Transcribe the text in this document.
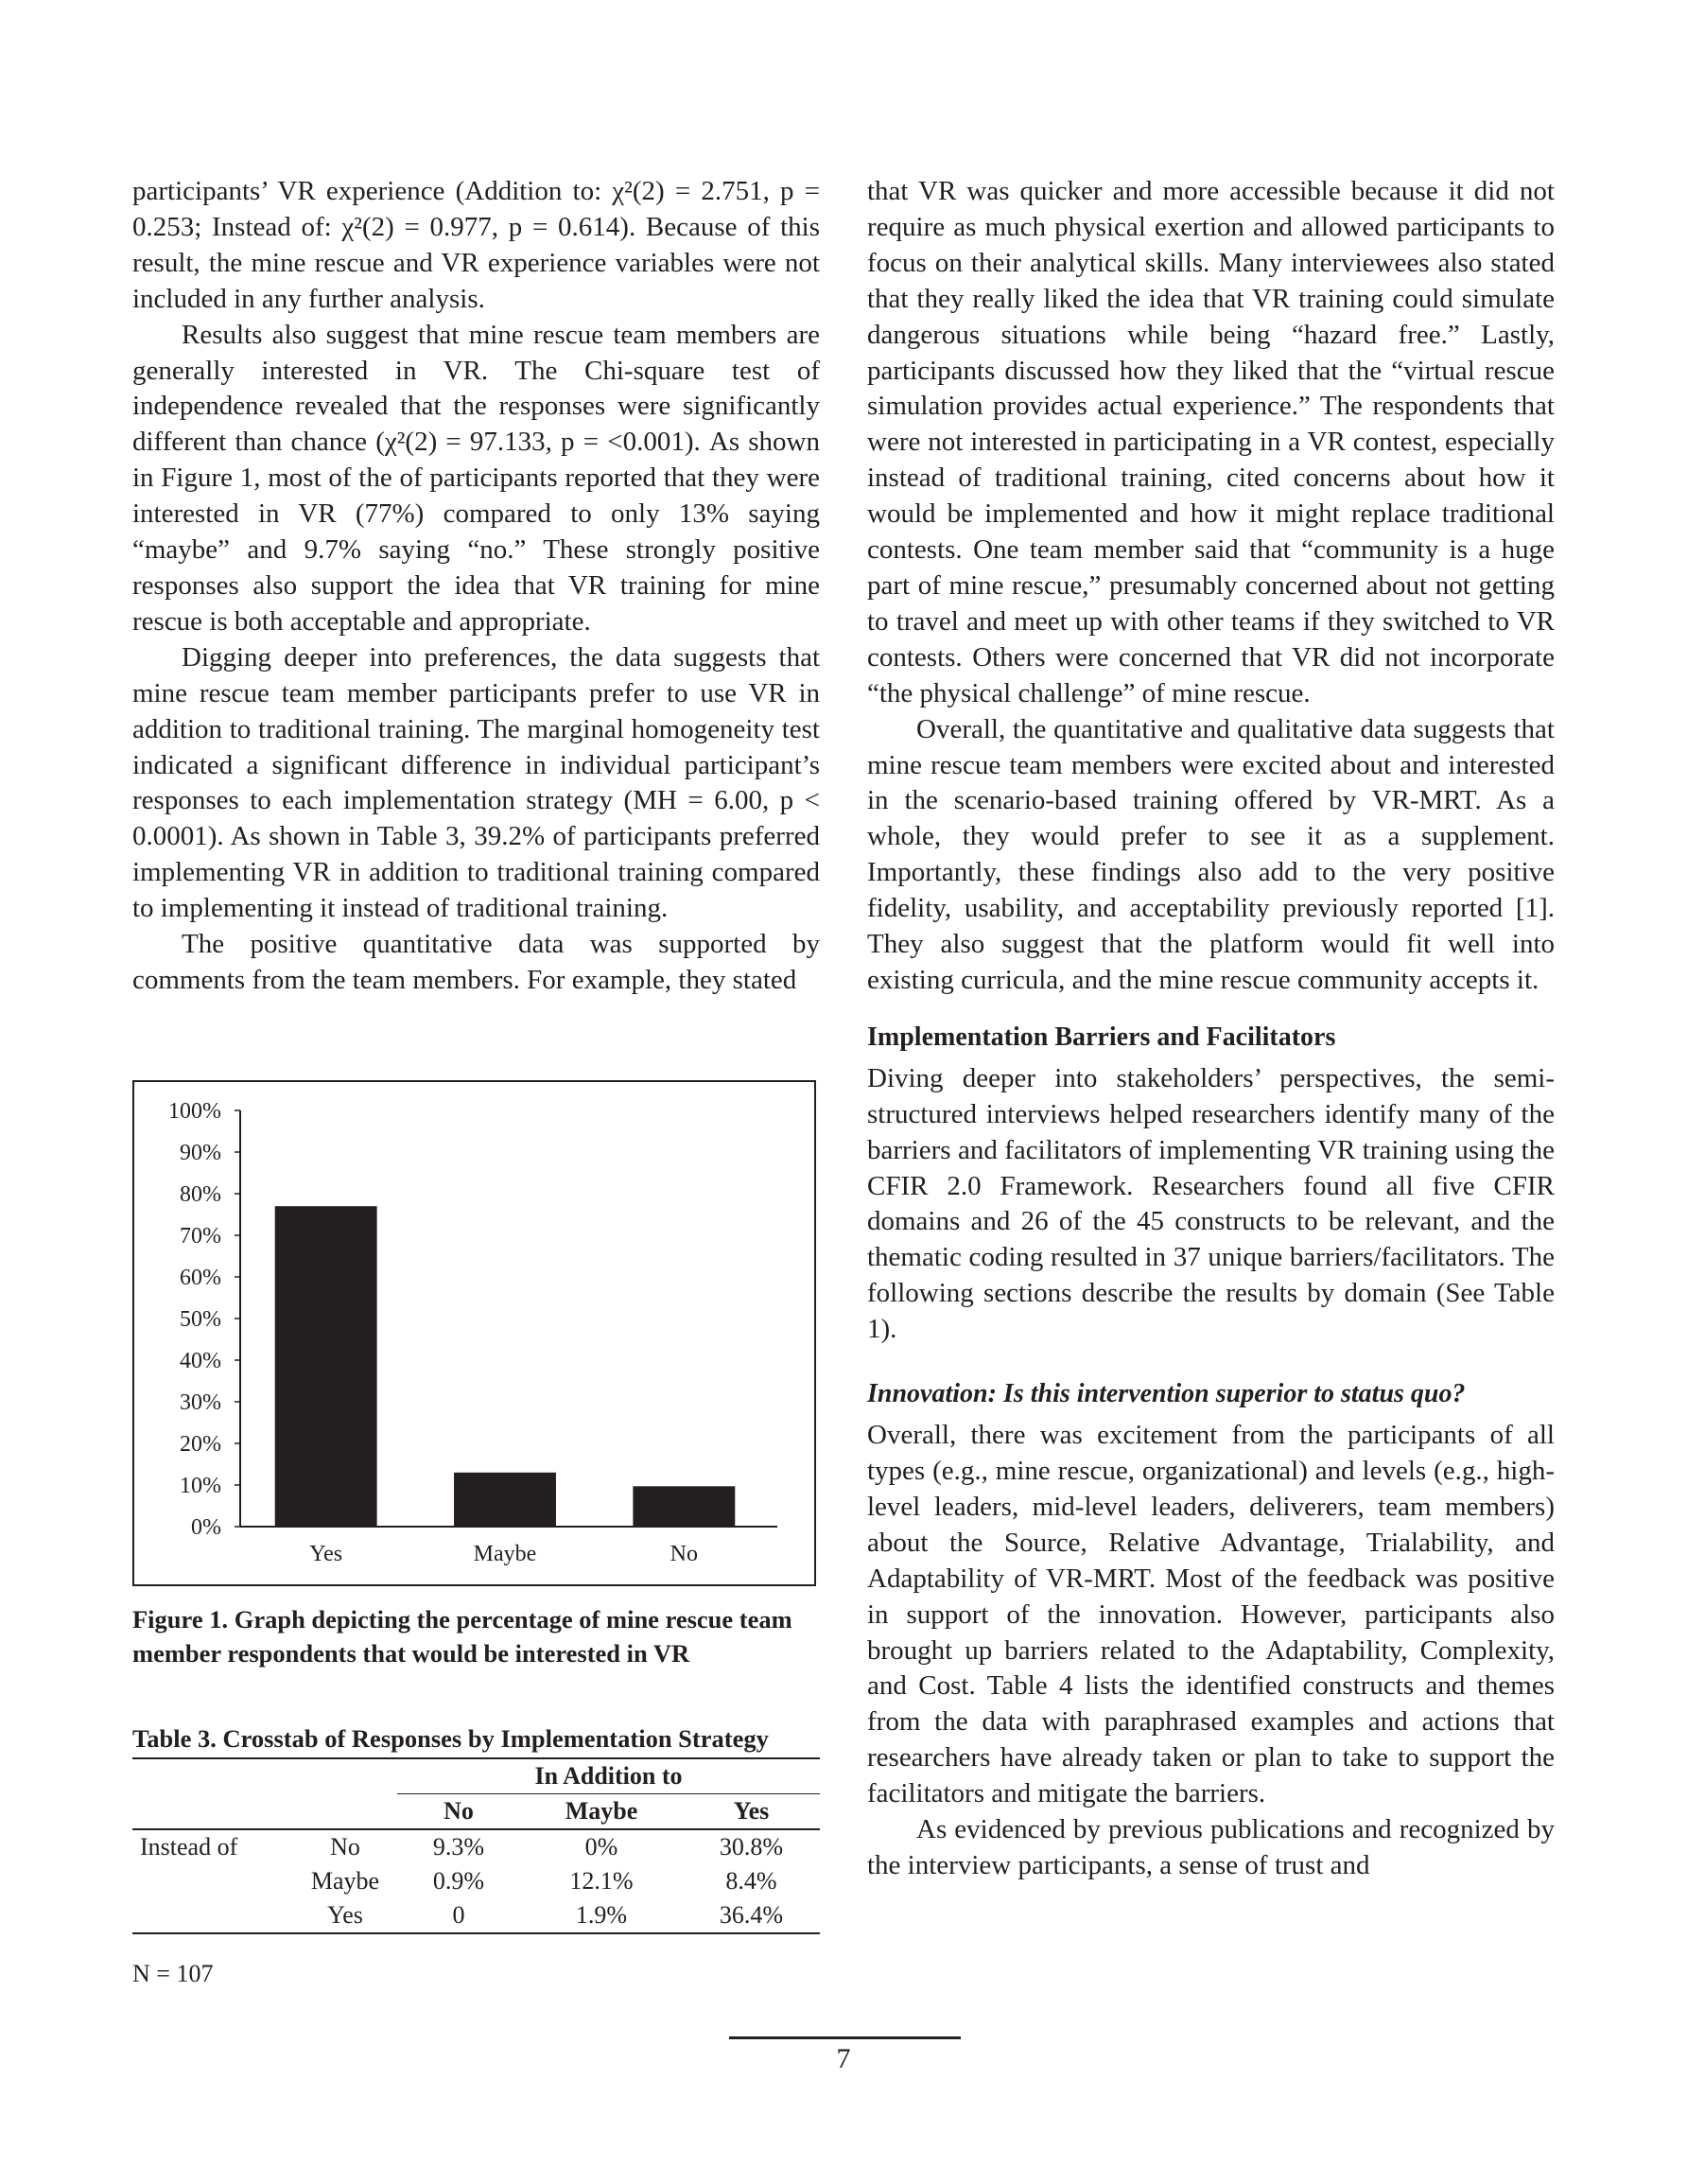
participants’ VR experience (Addition to: χ²(2) = 2.751, p = 0.253; Instead of: χ²(2) = 0.977, p = 0.614). Because of this result, the mine rescue and VR experience variables were not included in any further analysis.

Results also suggest that mine rescue team members are generally interested in VR. The Chi-square test of independence revealed that the responses were significantly different than chance (χ²(2) = 97.133, p = <0.001). As shown in Figure 1, most of the of participants reported that they were interested in VR (77%) compared to only 13% saying “maybe” and 9.7% saying “no.” These strongly positive responses also support the idea that VR training for mine rescue is both acceptable and appropriate.

Digging deeper into preferences, the data suggests that mine rescue team member participants prefer to use VR in addition to traditional training. The marginal homogeneity test indicated a significant difference in individual participant’s responses to each implementation strategy (MH = 6.00, p < 0.0001). As shown in Table 3, 39.2% of participants preferred implementing VR in addition to traditional training compared to implementing it instead of traditional training.

The positive quantitative data was supported by comments from the team members. For example, they stated

0%
10%
20%
30%
40%
50%
60%
70%
80%
90%
100%
Yes	Maybe	No
Figure 1. Graph depicting the percentage of mine rescue team member respondents that would be interested in VR
Table 3. Crosstab of Responses by Implementation Strategy
		In Addition to		
		No	Maybe	Yes
Instead of	No	9.3%	0%	30.8%
	Maybe	0.9%	12.1%	8.4%
	Yes	0	1.9%	36.4%
N = 107

that VR was quicker and more accessible because it did not require as much physical exertion and allowed participants to focus on their analytical skills. Many interviewees also stated that they really liked the idea that VR training could simulate dangerous situations while being “hazard free.” Lastly, participants discussed how they liked that the “virtual rescue simulation provides actual experience.” The respondents that were not interested in participating in a VR contest, especially instead of traditional training, cited concerns about how it would be implemented and how it might replace traditional contests. One team member said that “community is a huge part of mine rescue,” presumably concerned about not getting to travel and meet up with other teams if they switched to VR contests. Others were concerned that VR did not incorporate “the physical challenge” of mine rescue.

Overall, the quantitative and qualitative data suggests that mine rescue team members were excited about and interested in the scenario-based training offered by VR-MRT. As a whole, they would prefer to see it as a supplement. Importantly, these findings also add to the very positive fidelity, usability, and acceptability previously reported [1]. They also suggest that the platform would fit well into existing curricula, and the mine rescue community accepts it.

Implementation Barriers and Facilitators

Diving deeper into stakeholders’ perspectives, the semi-structured interviews helped researchers identify many of the barriers and facilitators of implementing VR training using the CFIR 2.0 Framework. Researchers found all five CFIR domains and 26 of the 45 constructs to be relevant, and the thematic coding resulted in 37 unique barriers/facilitators. The following sections describe the results by domain (See Table 1).

Innovation: Is this intervention superior to status quo?

Overall, there was excitement from the participants of all types (e.g., mine rescue, organizational) and levels (e.g., high-level leaders, mid-level leaders, deliverers, team members) about the Source, Relative Advantage, Trialability, and Adaptability of VR-MRT. Most of the feedback was positive in support of the innovation. However, participants also brought up barriers related to the Adaptability, Complexity, and Cost. Table 4 lists the identified constructs and themes from the data with paraphrased examples and actions that researchers have already taken or plan to take to support the facilitators and mitigate the barriers.

As evidenced by previous publications and recognized by the interview participants, a sense of trust and

7
